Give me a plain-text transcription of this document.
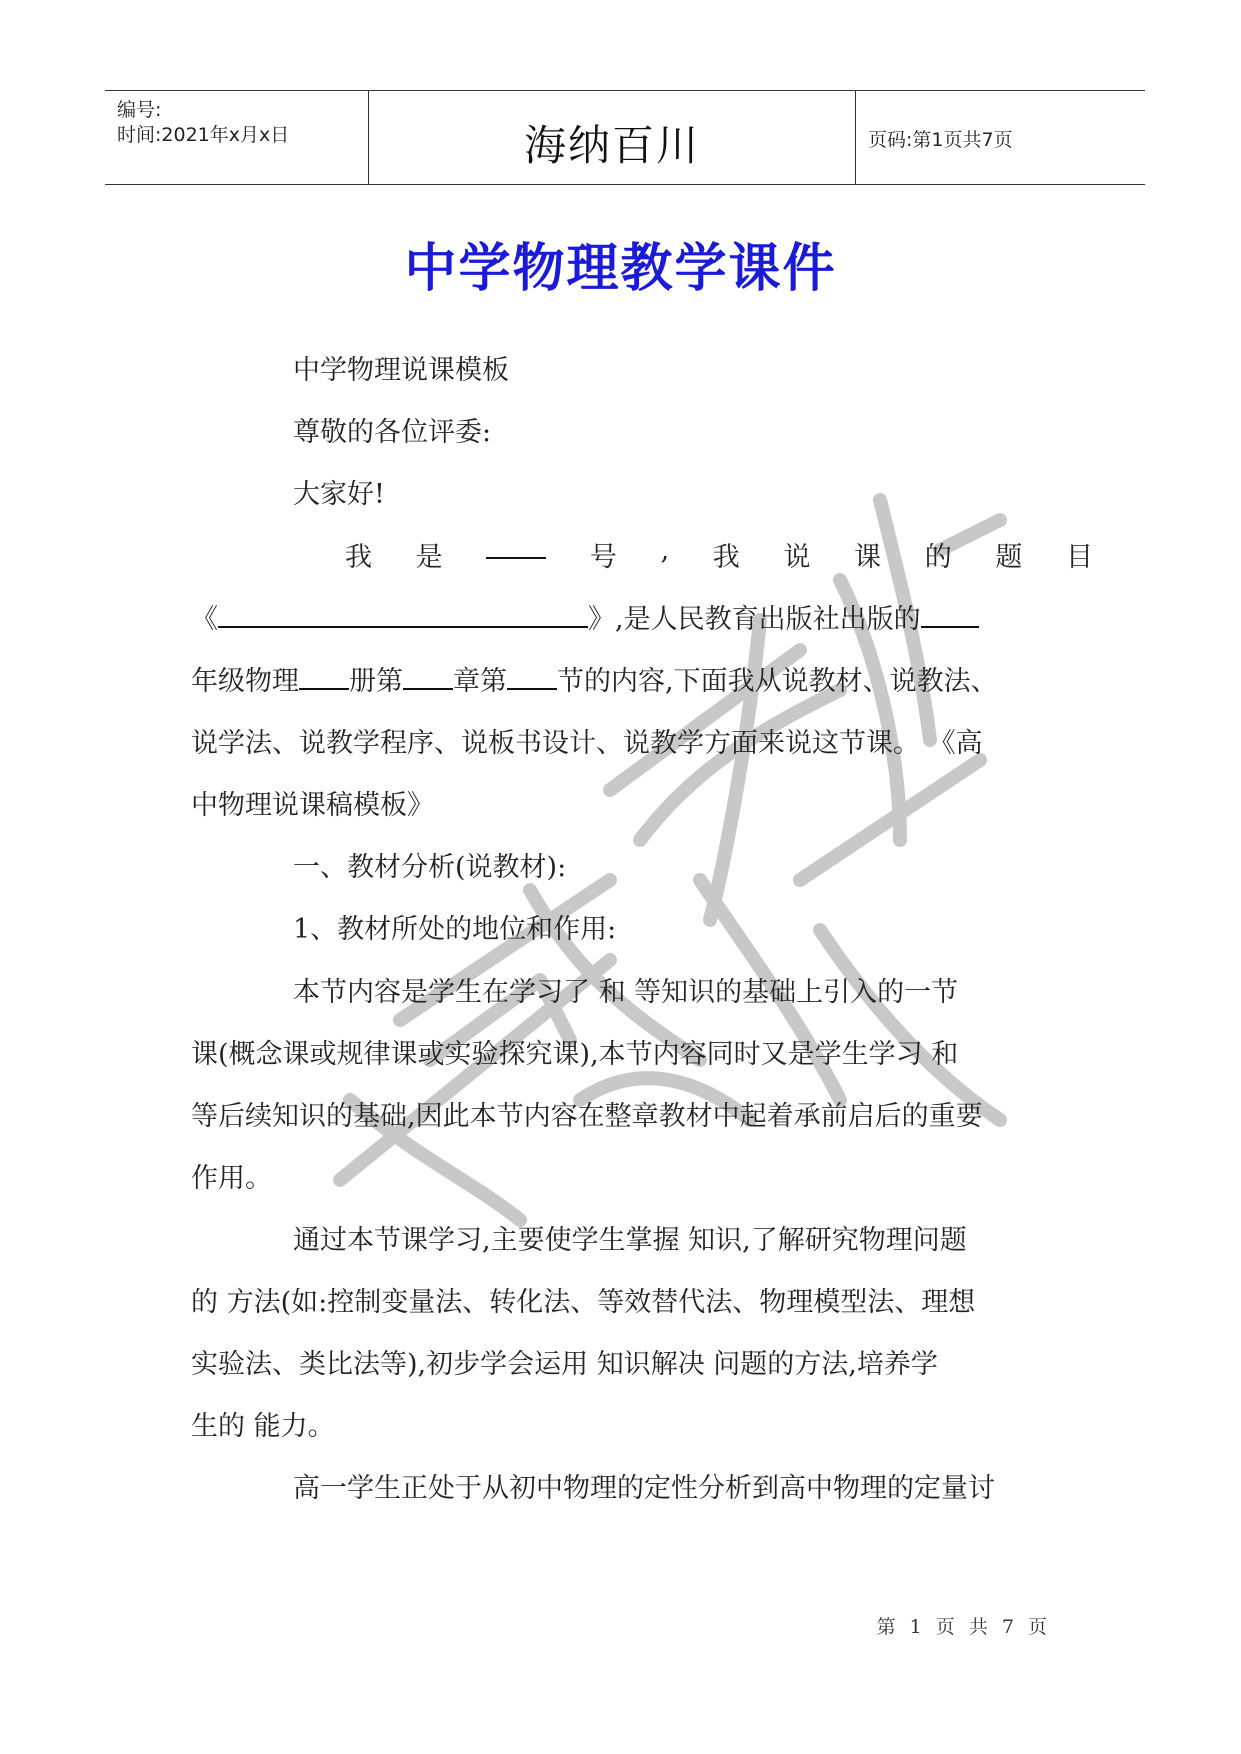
编号:
时间:2021年x月x日	海纳百川	页码:第1页共7页
中学物理教学课件
中学物理说课模板
尊敬的各位评委:
大家好!
我 是	号 , 我 说 课 的 题 目
《	》,是人民教育出版社出版的
年级物理 册第 章第 节的内容,下面我从说教材、说教法、
说学法、说教学程序、说板书设计、说教学方面来说这节课。 《高
中物理说课稿模板》
一、教材分析(说教材):
1、教材所处的地位和作用:
本节内容是学生在学习了 和 等知识的基础上引入的一节
课(概念课或规律课或实验探究课),本节内容同时又是学生学习 和
等后续知识的基础,因此本节内容在整章教材中起着承前启后的重要
作用。
通过本节课学习,主要使学生掌握 知识,了解研究物理问题
的 方法(如:控制变量法、转化法、等效替代法、物理模型法、理想
实验法、类比法等),初步学会运用 知识解决 问题的方法,培养学
生的 能力。
高一学生正处于从初中物理的定性分析到高中物理的定量讨
第 1 页 共 7 页
